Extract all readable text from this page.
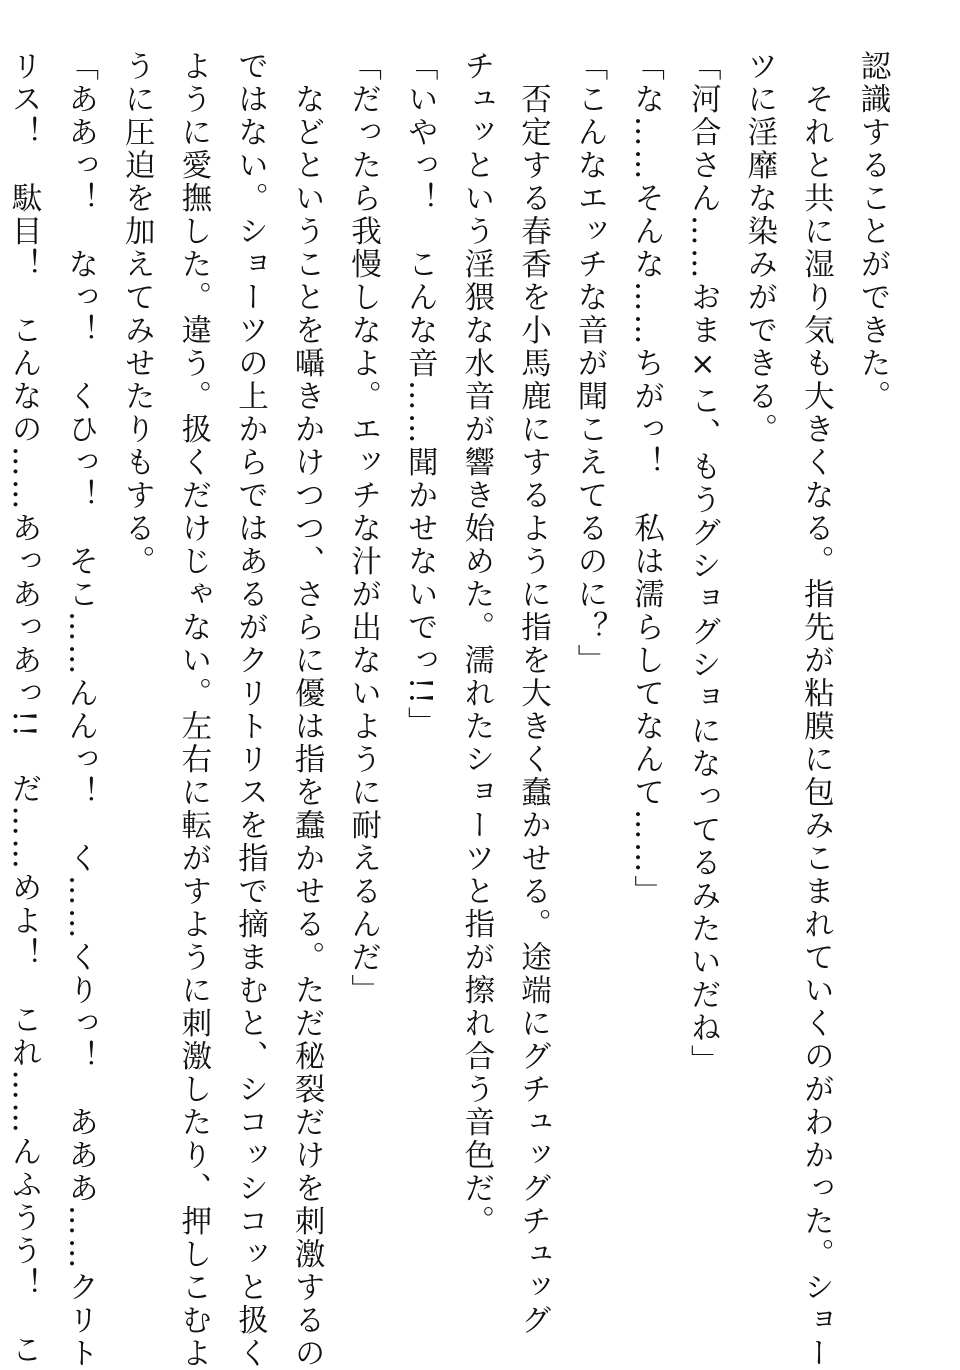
認識することができた。

　それと共に湿り気も大きくなる。指先が粘膜に包みこまれていくのがわかった。ショー

ツに淫靡な染みができる。

「河合さん……おま×こ、もうグショグショになってるみたいだね」

「な……そんな……ちがっ！　私は濡らしてなんて……」

「こんなエッチな音が聞こえてるのに？」

　否定する春香を小馬鹿にするように指を大きく蠢かせる。途端にグチュッグチュッグ

チュッという淫猥な水音が響き始めた。濡れたショーツと指が擦れ合う音色だ。

「いやっ！　こんな音……聞かせないでっ!!」

「だったら我慢しなよ。エッチな汁が出ないように耐えるんだ」

　などということを囁きかけつつ、さらに優は指を蠢かせる。ただ秘裂だけを刺激するの

ではない。ショーツの上からではあるがクリトリスを指で摘まむと、シコッシコッと扱く

ように愛撫した。違う。扱くだけじゃない。左右に転がすように刺激したり、押しこむよ

うに圧迫を加えてみせたりもする。

「ああっ！　なっ！　くひっ！　そこ……んんっ！　く……くりっ！　あああ……クリト

リス！　駄目！　こんなの……あっあっあっ!!　だ……めよ！　これ……んふうう！　こ
